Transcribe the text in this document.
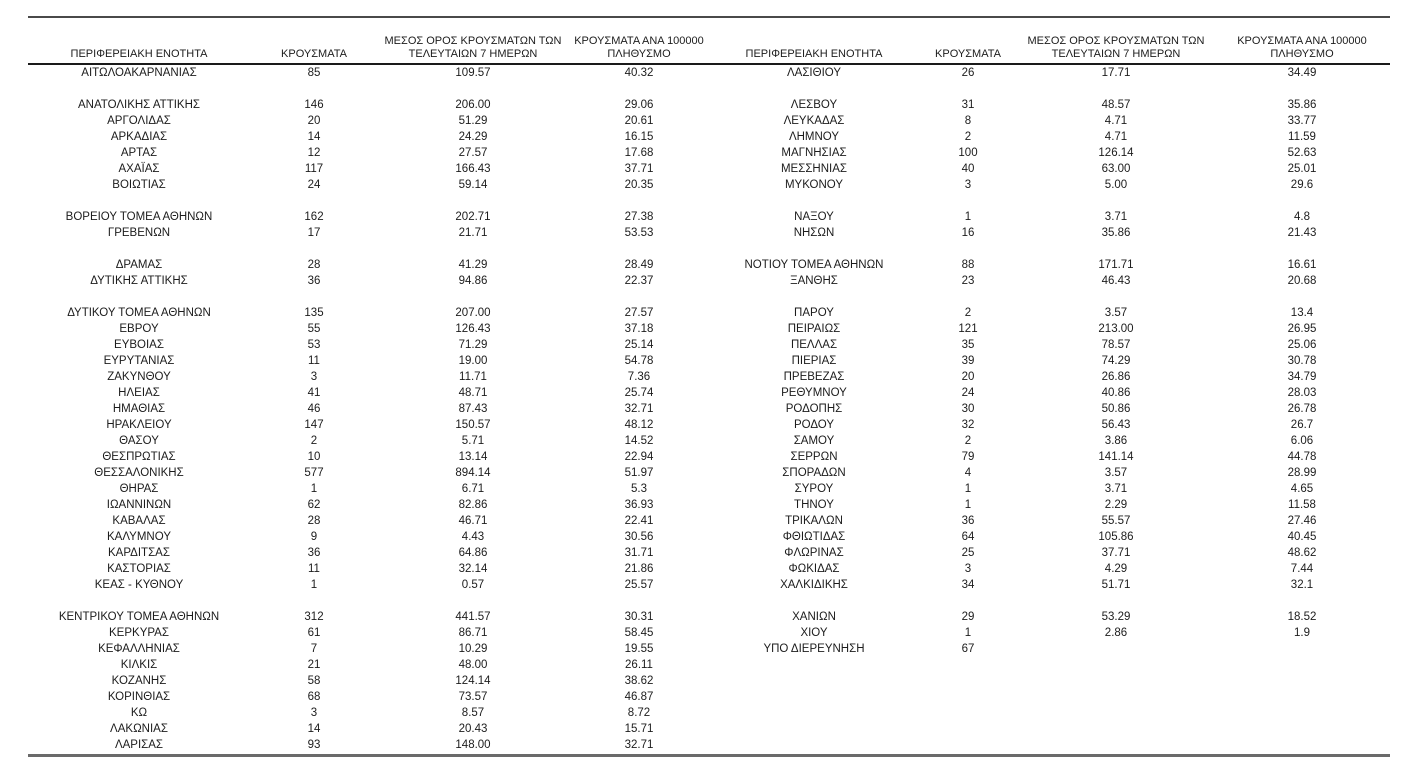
ΠΕΡΙΦΕΡΕΙΑΚΗ ΕΝΟΤΗΤΑ	ΚΡΟΥΣΜΑΤΑ	ΜΕΣΟΣ ΟΡΟΣ ΚΡΟΥΣΜΑΤΩΝ ΤΩΝ ΤΕΛΕΥΤΑΙΩΝ 7 ΗΜΕΡΩΝ	ΚΡΟΥΣΜΑΤΑ ΑΝΑ 100000 ΠΛΗΘΥΣΜΟ	ΠΕΡΙΦΕΡΕΙΑΚΗ ΕΝΟΤΗΤΑ	ΚΡΟΥΣΜΑΤΑ	ΜΕΣΟΣ ΟΡΟΣ ΚΡΟΥΣΜΑΤΩΝ ΤΩΝ ΤΕΛΕΥΤΑΙΩΝ 7 ΗΜΕΡΩΝ	ΚΡΟΥΣΜΑΤΑ ΑΝΑ 100000 ΠΛΗΘΥΣΜΟ
ΑΙΤΩΛΟΑΚΑΡΝΑΝΙΑΣ	85	109.57	40.32	ΛΑΣΙΘΙΟΥ	26	17.71	34.49

ΑΝΑΤΟΛΙΚΗΣ ΑΤΤΙΚΗΣ	146	206.00	29.06	ΛΕΣΒΟΥ	31	48.57	35.86
ΑΡΓΟΛΙΔΑΣ	20	51.29	20.61	ΛΕΥΚΑΔΑΣ	8	4.71	33.77
ΑΡΚΑΔΙΑΣ	14	24.29	16.15	ΛΗΜΝΟΥ	2	4.71	11.59
ΑΡΤΑΣ	12	27.57	17.68	ΜΑΓΝΗΣΙΑΣ	100	126.14	52.63
ΑΧΑΪΑΣ	117	166.43	37.71	ΜΕΣΣΗΝΙΑΣ	40	63.00	25.01
ΒΟΙΩΤΙΑΣ	24	59.14	20.35	ΜΥΚΟΝΟΥ	3	5.00	29.6

ΒΟΡΕΙΟΥ ΤΟΜΕΑ ΑΘΗΝΩΝ	162	202.71	27.38	ΝΑΞΟΥ	1	3.71	4.8
ΓΡΕΒΕΝΩΝ	17	21.71	53.53	ΝΗΣΩΝ	16	35.86	21.43

ΔΡΑΜΑΣ	28	41.29	28.49	ΝΟΤΙΟΥ ΤΟΜΕΑ ΑΘΗΝΩΝ	88	171.71	16.61
ΔΥΤΙΚΗΣ ΑΤΤΙΚΗΣ	36	94.86	22.37	ΞΑΝΘΗΣ	23	46.43	20.68

ΔΥΤΙΚΟΥ ΤΟΜΕΑ ΑΘΗΝΩΝ	135	207.00	27.57	ΠΑΡΟΥ	2	3.57	13.4
ΕΒΡΟΥ	55	126.43	37.18	ΠΕΙΡΑΙΩΣ	121	213.00	26.95
ΕΥΒΟΙΑΣ	53	71.29	25.14	ΠΕΛΛΑΣ	35	78.57	25.06
ΕΥΡΥΤΑΝΙΑΣ	11	19.00	54.78	ΠΙΕΡΙΑΣ	39	74.29	30.78
ΖΑΚΥΝΘΟΥ	3	11.71	7.36	ΠΡΕΒΕΖΑΣ	20	26.86	34.79
ΗΛΕΙΑΣ	41	48.71	25.74	ΡΕΘΥΜΝΟΥ	24	40.86	28.03
ΗΜΑΘΙΑΣ	46	87.43	32.71	ΡΟΔΟΠΗΣ	30	50.86	26.78
ΗΡΑΚΛΕΙΟΥ	147	150.57	48.12	ΡΟΔΟΥ	32	56.43	26.7
ΘΑΣΟΥ	2	5.71	14.52	ΣΑΜΟΥ	2	3.86	6.06
ΘΕΣΠΡΩΤΙΑΣ	10	13.14	22.94	ΣΕΡΡΩΝ	79	141.14	44.78
ΘΕΣΣΑΛΟΝΙΚΗΣ	577	894.14	51.97	ΣΠΟΡΑΔΩΝ	4	3.57	28.99
ΘΗΡΑΣ	1	6.71	5.3	ΣΥΡΟΥ	1	3.71	4.65
ΙΩΑΝΝΙΝΩΝ	62	82.86	36.93	ΤΗΝΟΥ	1	2.29	11.58
ΚΑΒΑΛΑΣ	28	46.71	22.41	ΤΡΙΚΑΛΩΝ	36	55.57	27.46
ΚΑΛΥΜΝΟΥ	9	4.43	30.56	ΦΘΙΩΤΙΔΑΣ	64	105.86	40.45
ΚΑΡΔΙΤΣΑΣ	36	64.86	31.71	ΦΛΩΡΙΝΑΣ	25	37.71	48.62
ΚΑΣΤΟΡΙΑΣ	11	32.14	21.86	ΦΩΚΙΔΑΣ	3	4.29	7.44
ΚΕΑΣ - ΚΥΘΝΟΥ	1	0.57	25.57	ΧΑΛΚΙΔΙΚΗΣ	34	51.71	32.1

ΚΕΝΤΡΙΚΟΥ ΤΟΜΕΑ ΑΘΗΝΩΝ	312	441.57	30.31	ΧΑΝΙΩΝ	29	53.29	18.52
ΚΕΡΚΥΡΑΣ	61	86.71	58.45	ΧΙΟΥ	1	2.86	1.9
ΚΕΦΑΛΛΗΝΙΑΣ	7	10.29	19.55	ΥΠΟ ΔΙΕΡΕΥΝΗΣΗ	67		
ΚΙΛΚΙΣ	21	48.00	26.11				
ΚΟΖΑΝΗΣ	58	124.14	38.62				
ΚΟΡΙΝΘΙΑΣ	68	73.57	46.87				
ΚΩ	3	8.57	8.72				
ΛΑΚΩΝΙΑΣ	14	20.43	15.71				
ΛΑΡΙΣΑΣ	93	148.00	32.71				
